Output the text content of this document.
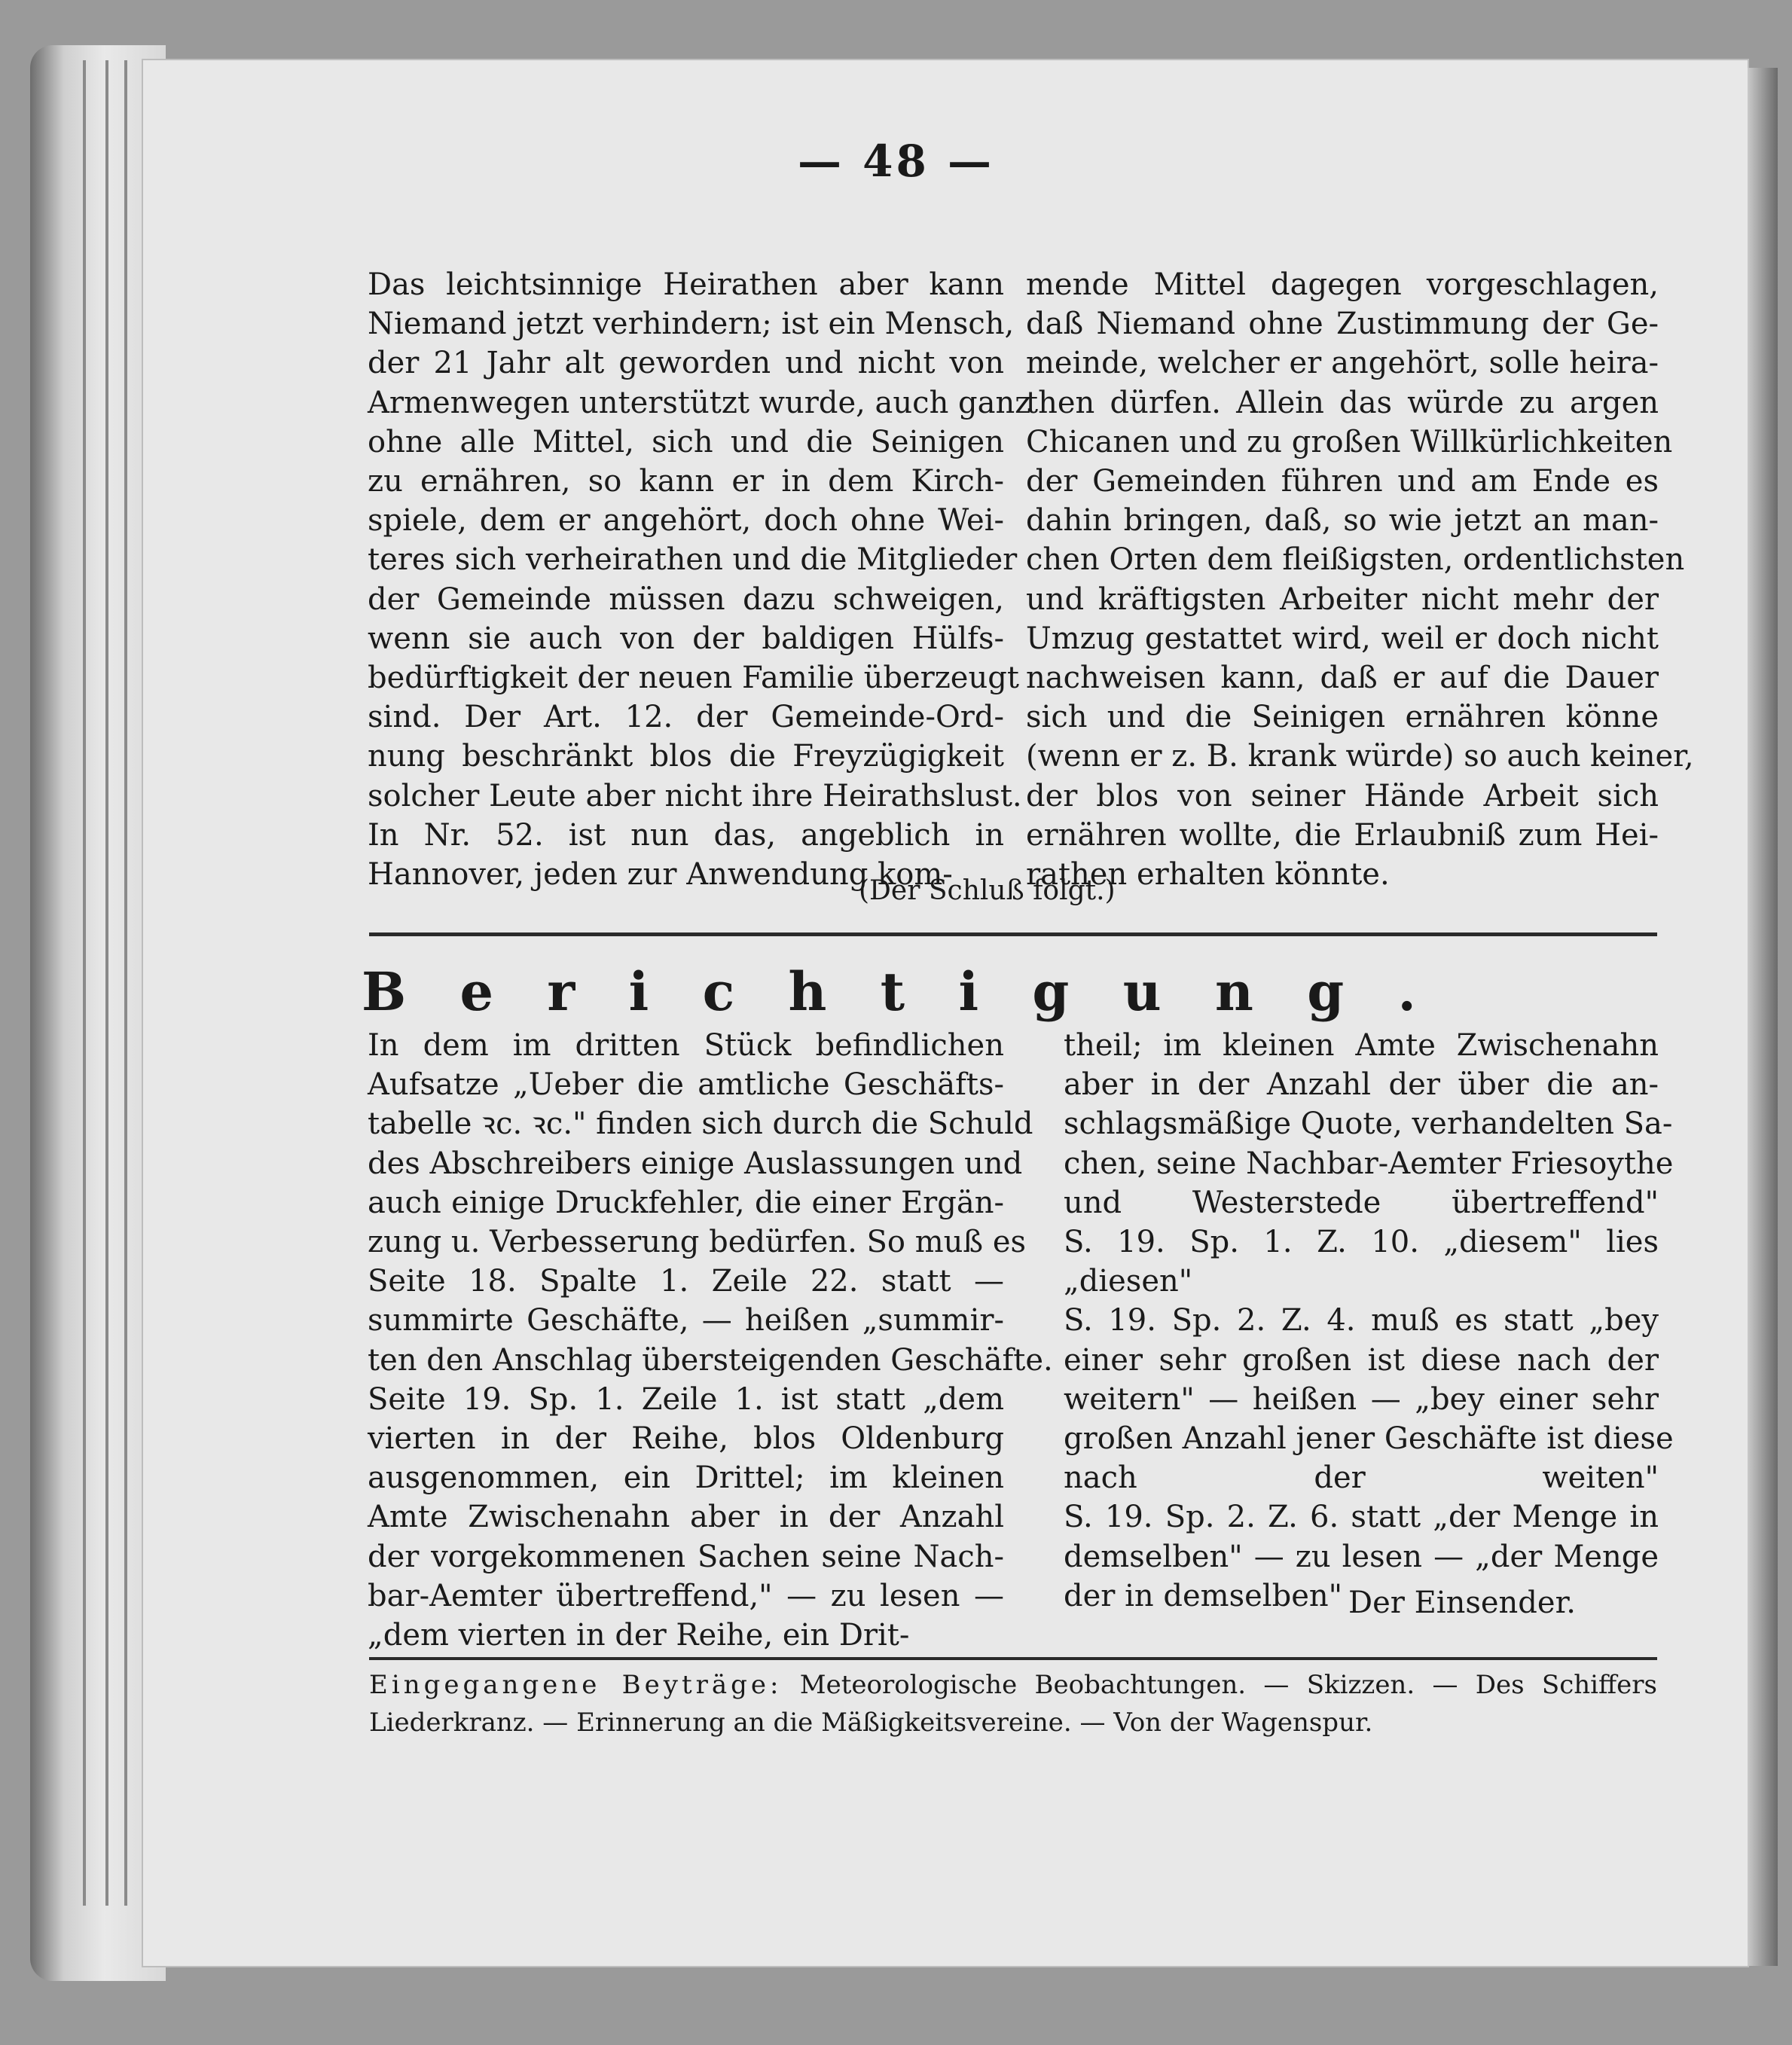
— 48 —
Das leichtsinnige Heirathen aber kann
Niemand jetzt verhindern; ist ein Mensch,
der 21 Jahr alt geworden und nicht von
Armenwegen unterstützt wurde, auch ganz
ohne alle Mittel, sich und die Seinigen
zu ernähren, so kann er in dem Kirch-
spiele, dem er angehört, doch ohne Wei-
teres sich verheirathen und die Mitglieder
der Gemeinde müssen dazu schweigen,
wenn sie auch von der baldigen Hülfs-
bedürftigkeit der neuen Familie überzeugt
sind. Der Art. 12. der Gemeinde-Ord-
nung beschränkt blos die Freyzügigkeit
solcher Leute aber nicht ihre Heirathslust.
In Nr. 52. ist nun das, angeblich in
Hannover, jeden zur Anwendung kom-
mende Mittel dagegen vorgeschlagen,
daß Niemand ohne Zustimmung der Ge-
meinde, welcher er angehört, solle heira-
then dürfen. Allein das würde zu argen
Chicanen und zu großen Willkürlichkeiten
der Gemeinden führen und am Ende es
dahin bringen, daß, so wie jetzt an man-
chen Orten dem fleißigsten, ordentlichsten
und kräftigsten Arbeiter nicht mehr der
Umzug gestattet wird, weil er doch nicht
nachweisen kann, daß er auf die Dauer
sich und die Seinigen ernähren könne
(wenn er z. B. krank würde) so auch keiner,
der blos von seiner Hände Arbeit sich
ernähren wollte, die Erlaubniß zum Hei-
rathen erhalten könnte.
(Der Schluß folgt.)
B e r i c h t i g u n g .
In dem im dritten Stück befindlichen
Aufsatze „Ueber die amtliche Geschäfts-
tabelle ꝛc. ꝛc." finden sich durch die Schuld
des Abschreibers einige Auslassungen und
auch einige Druckfehler, die einer Ergän-
zung u. Verbesserung bedürfen. So muß es
Seite 18. Spalte 1. Zeile 22. statt —
summirte Geschäfte, — heißen „summir-
ten den Anschlag übersteigenden Geschäfte.
Seite 19. Sp. 1. Zeile 1. ist statt „dem
vierten in der Reihe, blos Oldenburg
ausgenommen, ein Drittel; im kleinen
Amte Zwischenahn aber in der Anzahl
der vorgekommenen Sachen seine Nach-
bar-Aemter übertreffend," — zu lesen —
„dem vierten in der Reihe, ein Drit-
theil; im kleinen Amte Zwischenahn
aber in der Anzahl der über die an-
schlagsmäßige Quote, verhandelten Sa-
chen, seine Nachbar-Aemter Friesoythe
und Westerstede übertreffend"
S. 19. Sp. 1. Z. 10. „diesem" lies
„diesen"
S. 19. Sp. 2. Z. 4. muß es statt „bey
einer sehr großen ist diese nach der
weitern" — heißen — „bey einer sehr
großen Anzahl jener Geschäfte ist diese
nach der weiten"
S. 19. Sp. 2. Z. 6. statt „der Menge in
demselben" — zu lesen — „der Menge
der in demselben" Der Einsender.
Eingegangene Beyträge: Meteorologische Beobachtungen. — Skizzen. — Des Schiffers
Liederkranz. — Erinnerung an die Mäßigkeitsvereine. — Von der Wagenspur.
